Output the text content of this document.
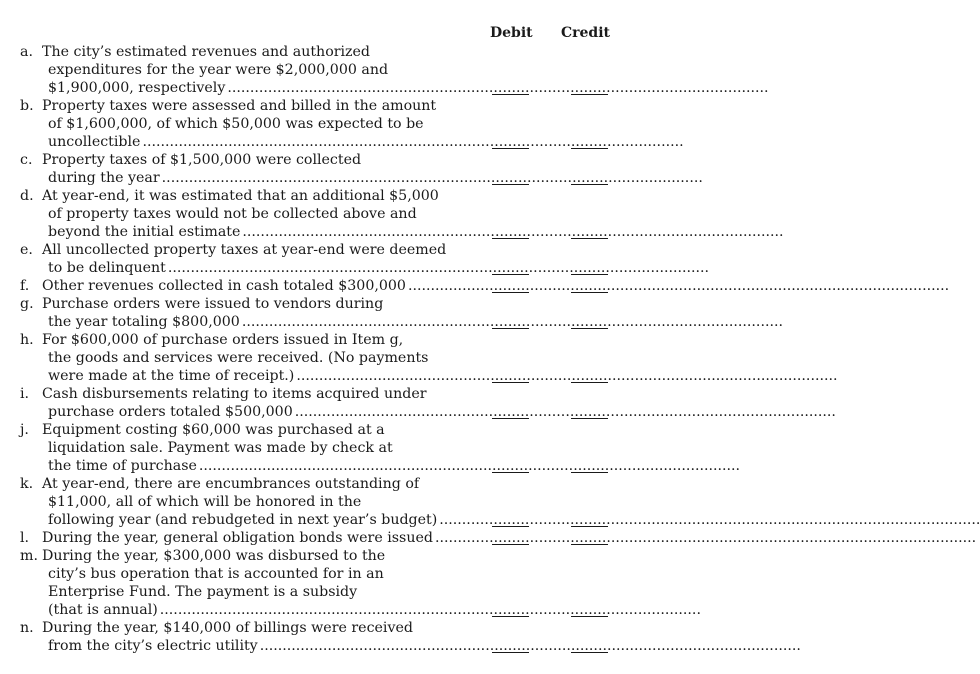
Debit Credit
a. The city’s estimated revenues and authorized
expenditures for the year were $2,000,000 and
$1,900,000, respectively ........................................................................................................................
b. Property taxes were assessed and billed in the amount
of $1,600,000, of which $50,000 was expected to be
uncollectible ........................................................................................................................
c. Property taxes of $1,500,000 were collected
during the year ........................................................................................................................
d. At year-end, it was estimated that an additional $5,000
of property taxes would not be collected above and
beyond the initial estimate ........................................................................................................................
e. All uncollected property taxes at year-end were deemed
to be delinquent ........................................................................................................................
f. Other revenues collected in cash totaled $300,000 ........................................................................................................................
g. Purchase orders were issued to vendors during
the year totaling $800,000 ........................................................................................................................
h. For $600,000 of purchase orders issued in Item g,
the goods and services were received. (No payments
were made at the time of receipt.) ........................................................................................................................
i. Cash disbursements relating to items acquired under
purchase orders totaled $500,000 ........................................................................................................................
j. Equipment costing $60,000 was purchased at a
liquidation sale. Payment was made by check at
the time of purchase ........................................................................................................................
k. At year-end, there are encumbrances outstanding of
$11,000, all of which will be honored in the
following year (and rebudgeted in next year’s budget) ........................................................................................................................
l. During the year, general obligation bonds were issued ........................................................................................................................
m. During the year, $300,000 was disbursed to the
city’s bus operation that is accounted for in an
Enterprise Fund. The payment is a subsidy
(that is annual) ........................................................................................................................
n. During the year, $140,000 of billings were received
from the city’s electric utility ........................................................................................................................
